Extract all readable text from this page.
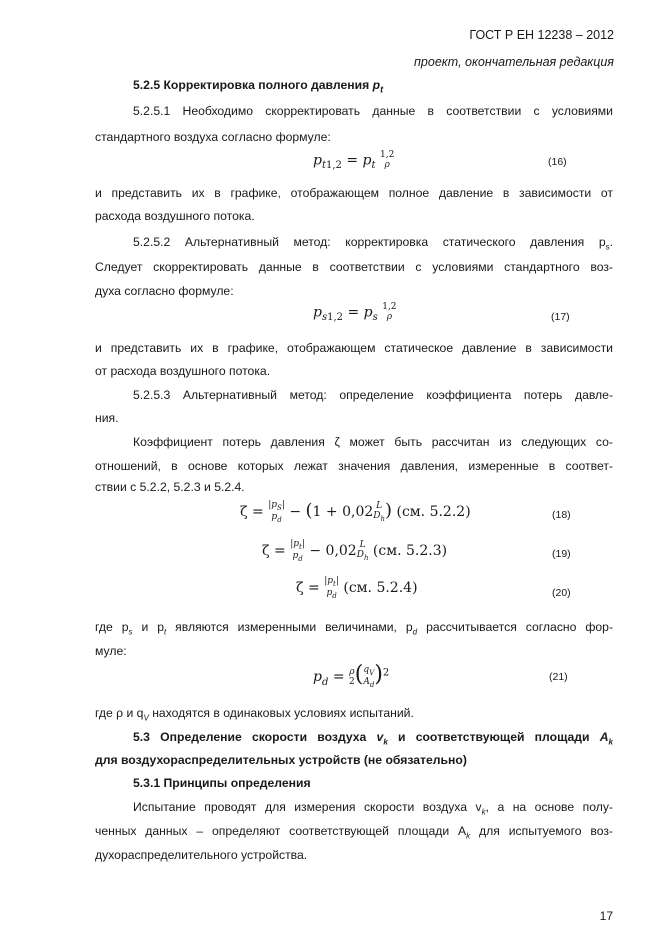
ГОСТ Р ЕН 12238 – 2012
проект, окончательная редакция
5.2.5 Корректировка полного давления $p_t$
5.2.5.1 Необходимо скорректировать данные в соответствии с условиями
стандартного воздуха согласно формуле:
$p_{t1,2} = p_t$
1,2
ρ	(16)
и представить их в графике, отображающем полное давление в зависимости от
расхода воздушного потока.
5.2.5.2 Альтернативный метод: корректировка статического давления $p_s$.
Следует скорректировать данные в соответствии с условиями стандартного воз-
духа согласно формуле:
$p_{s1,2} = p_s$
1,2
ρ	(17)
и представить их в графике, отображающем статическое давление в зависимости
от расхода воздушного потока.
5.2.5.3 Альтернативный метод: определение коэффициента потерь давле-
ния.
Коэффициент потерь давления ζ может быть рассчитан из следующих со-
отношений, в основе которых лежат значения давления, измеренные в соответ-
ствии с 5.2.2, 5.2.3 и 5.2.4.
$\zeta = |p_S|$
$p_d - (1 + 0,02$ L
$D_h$ ) (см. 5.2.2)	(18)
$\zeta = |p_t|$
$p_d - 0,02$ L
$D_h$ (см. 5.2.3)	(19)
$\zeta = |p_t|$
$p_d$ (см. 5.2.4)	(20)
где $p_s$ и $p_t$ являются измеренными величинами, $p_d$ рассчитывается согласно фор-
муле:
$p_d = \rho$
2 ( $q_V$
$A_d$ )$^2$	(21)
где ρ и $q_V$ находятся в одинаковых условиях испытаний.
5.3 Определение скорости воздуха $v_k$ и соответствующей площади $A_k$
для воздухораспределительных устройств (не обязательно)
5.3.1 Принципы определения
Испытание проводят для измерения скорости воздуха $v_k$, а на основе полу-
ченных данных – определяют соответствующей площади $A_k$ для испытуемого воз-
духораспределительного устройства.
17
